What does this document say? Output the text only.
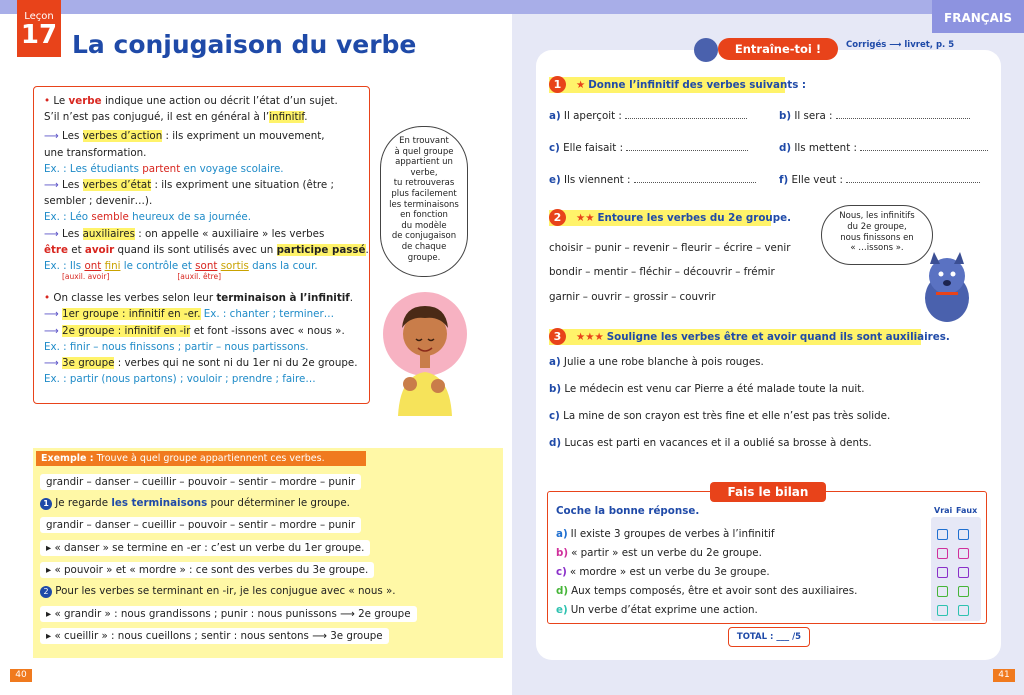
Leçon
17 La conjugaison du verbe
FRANÇAIS
• Le verbe indique une action ou décrit l’état d’un sujet.
S’il n’est pas conjugué, il est en général à l’infinitif.
⟶ Les verbes d’action : ils expriment un mouvement,
une transformation.
Ex. : Les étudiants partent en voyage scolaire.
⟶ Les verbes d’état : ils expriment une situation (être ;
sembler ; devenir…).
Ex. : Léo semble heureux de sa journée.
⟶ Les auxiliaires : on appelle « auxiliaire » les verbes
être et avoir quand ils sont utilisés avec un participe passé.
Ex. : Ils ont fini le contrôle et sont sortis dans la cour.
[auxil. avoir]	[auxil. être]
• On classe les verbes selon leur terminaison à l’infinitif.
⟶ 1er groupe : infinitif en -er. Ex. : chanter ; terminer…
⟶ 2e groupe : infinitif en -ir et font -issons avec « nous ».
Ex. : finir – nous finissons ; partir – nous partissons.
⟶ 3e groupe : verbes qui ne sont ni du 1er ni du 2e groupe.
Ex. : partir (nous partons) ; vouloir ; prendre ; faire…
En trouvant
à quel groupe
appartient un verbe,
tu retrouveras
plus facilement
les terminaisons
en fonction
du modèle
de conjugaison
de chaque
groupe.
Exemple : Trouve à quel groupe appartiennent ces verbes.
grandir – danser – cueillir – pouvoir – sentir – mordre – punir
1 Je regarde les terminaisons pour déterminer le groupe.
grandir – danser – cueillir – pouvoir – sentir – mordre – punir
▸ « danser » se termine en -er : c’est un verbe du 1er groupe.
▸ « pouvoir » et « mordre » : ce sont des verbes du 3e groupe.
2 Pour les verbes se terminant en -ir, je les conjugue avec « nous ».
▸ « grandir » : nous grandissons ; punir : nous punissons ⟶ 2e groupe
▸ « cueillir » : nous cueillons ; sentir : nous sentons ⟶ 3e groupe
40	41
Entraîne-toi !	Corrigés ⟶ livret, p. 5
★ Donne l’infinitif des verbes suivants :
1
a) Il aperçoit :	b) Il sera :
c) Elle faisait :	d) Ils mettent :
e) Ils viennent :	f) Elle veut :
★★ Entoure les verbes du 2e groupe.
2
choisir – punir – revenir – fleurir – écrire – venir
bondir – mentir – fléchir – découvrir – frémir
garnir – ouvrir – grossir – couvrir
Nous, les infinitifs
du 2e groupe,
nous finissons en
« …issons ».
★★★ Souligne les verbes être et avoir quand ils sont auxiliaires.
3
a) Julie a une robe blanche à pois rouges.
b) Le médecin est venu car Pierre a été malade toute la nuit.
c) La mine de son crayon est très fine et elle n’est pas très solide.
d) Lucas est parti en vacances et il a oublié sa brosse à dents.
Fais le bilan
Coche la bonne réponse.	Vrai Faux
a) Il existe 3 groupes de verbes à l’infinitif
b) « partir » est un verbe du 2e groupe.
c) « mordre » est un verbe du 3e groupe.
d) Aux temps composés, être et avoir sont des auxiliaires.
e) Un verbe d’état exprime une action.
TOTAL : ___ /5
